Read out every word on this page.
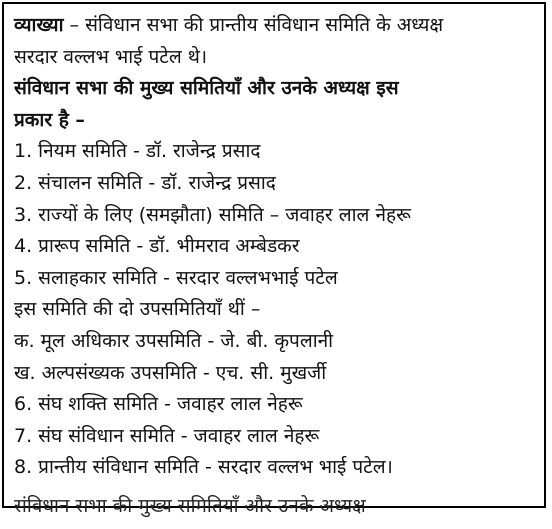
व्याख्या – संविधान सभा की प्रान्तीय संविधान समिति के अध्यक्ष
सरदार वल्लभ भाई पटेल थे।
संविधान सभा की मुख्य समितियाँ और उनके अध्यक्ष इस
प्रकार है –
1. नियम समिति - डॉ. राजेन्द्र प्रसाद
2. संचालन समिति - डॉ. राजेन्द्र प्रसाद
3. राज्यों के लिए (समझौता) समिति – जवाहर लाल नेहरू
4. प्रारूप समिति - डॉ. भीमराव अम्बेडकर
5. सलाहकार समिति - सरदार वल्लभभाई पटेल
इस समिति की दो उपसमितियाँ थीं –
क. मूल अधिकार उपसमिति - जे. बी. कृपलानी
ख. अल्पसंख्यक उपसमिति - एच. सी. मुखर्जी
6. संघ शक्ति समिति - जवाहर लाल नेहरू
7. संघ संविधान समिति - जवाहर लाल नेहरू
8. प्रान्तीय संविधान समिति - सरदार वल्लभ भाई पटेल।
संविधान सभा की मुख्य समितियाँ और उनके अध्यक्ष
